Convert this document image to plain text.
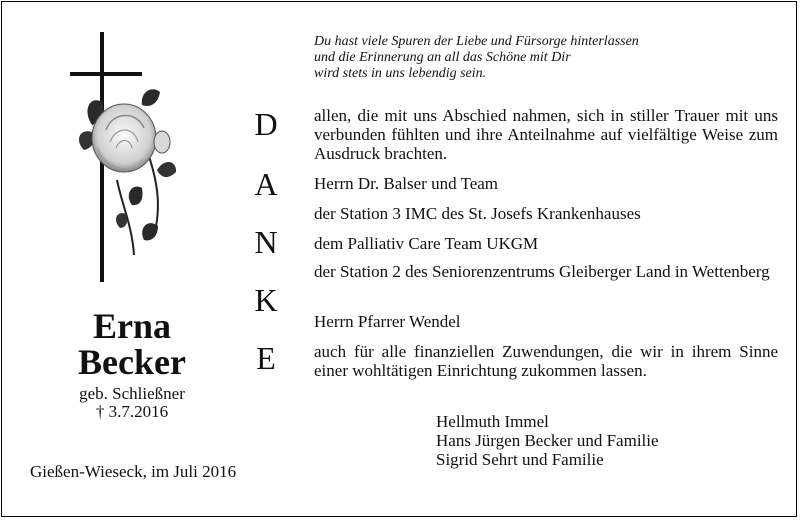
Erna
Becker
geb. Schließner
† 3.7.2016
Gießen-Wieseck, im Juli 2016
Du hast viele Spuren der Liebe und Fürsorge hinterlassen
und die Erinnerung an all das Schöne mit Dir
wird stets in uns lebendig sein.
D
A
N
K
E
allen, die mit uns Abschied nahmen, sich in stiller Trauer mit uns verbunden fühlten und ihre Anteilnahme auf vielfältige Weise zum Ausdruck brachten.
Herrn Dr. Balser und Team
der Station 3 IMC des St. Josefs Krankenhauses
dem Palliativ Care Team UKGM
der Station 2 des Seniorenzentrums Gleiberger Land in Wettenberg
Herrn Pfarrer Wendel
auch für alle finanziellen Zuwendungen, die wir in ihrem Sinne einer wohltätigen Einrichtung zukommen lassen.
Hellmuth Immel
Hans Jürgen Becker und Familie
Sigrid Sehrt und Familie
